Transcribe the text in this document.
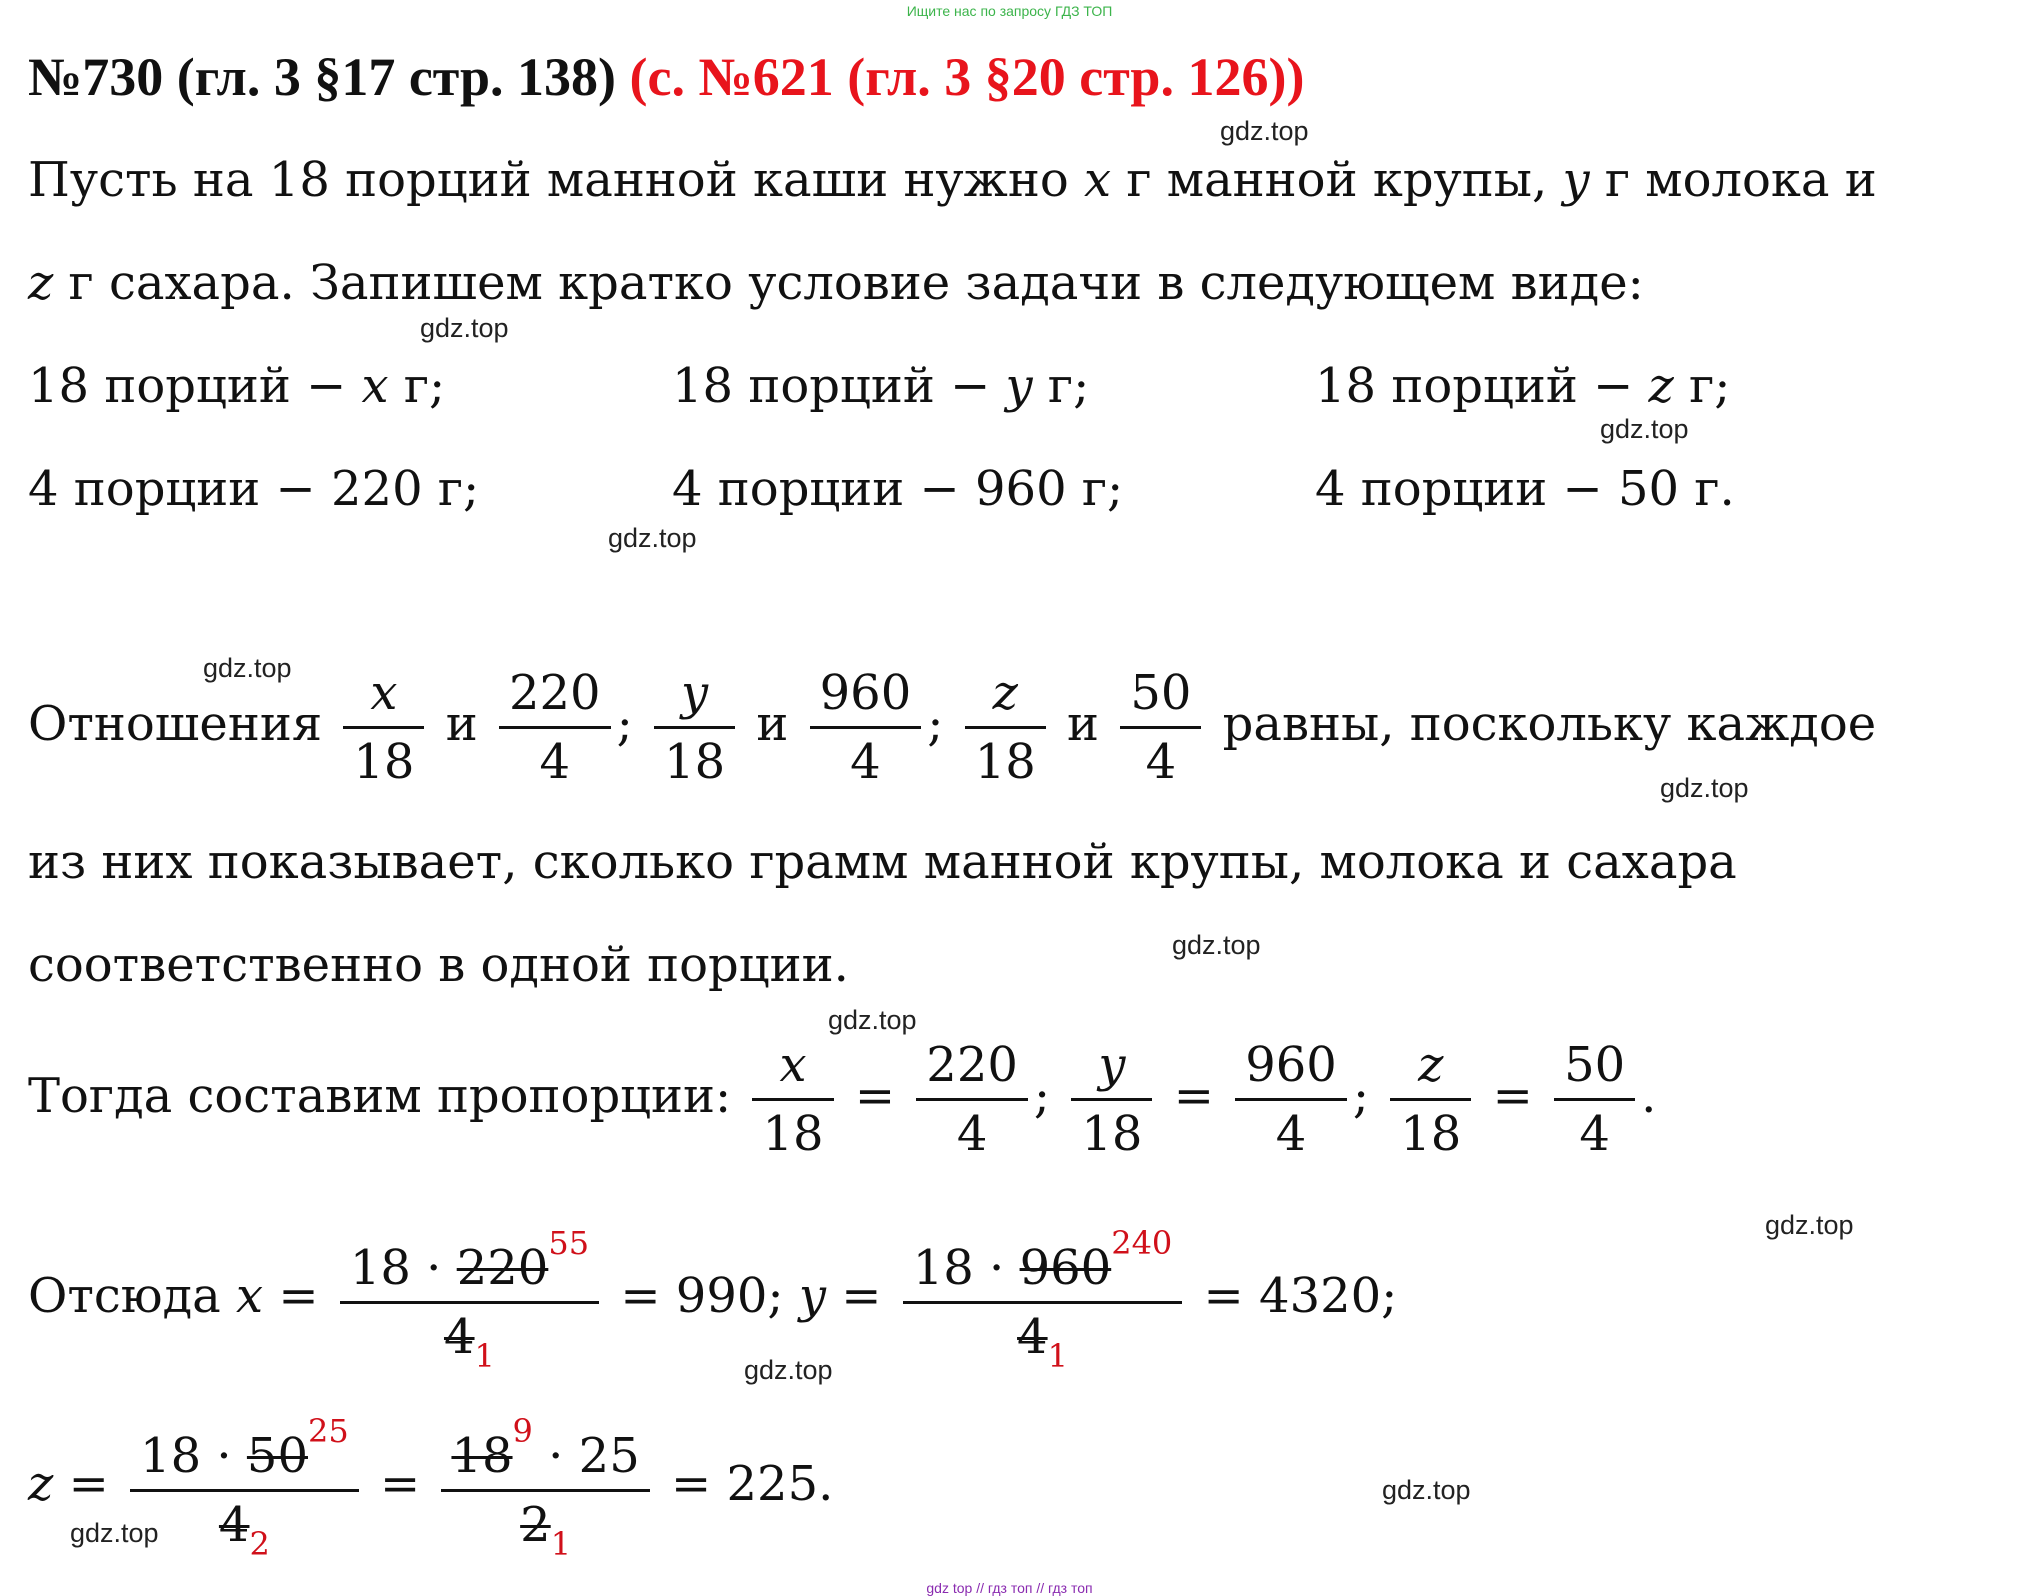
Ищите нас по запросу ГДЗ ТОП
№730 (гл. 3 §17 стр. 138) (с. №621 (гл. 3 §20 стр. 126))
gdz.top
gdz.top
gdz.top
gdz.top
gdz.top
gdz.top
gdz.top
gdz.top
gdz.top
gdz.top
gdz.top
gdz.top
Пусть на 18 порций манной каши нужно x г манной крупы, y г молока и
z г сахара. Запишем кратко условие задачи в следующем виде:
18 порций − x г;	18 порций − y г;	18 порций − z г;
4 порции − 220 г;	4 порции − 960 г;	4 порции − 50 г.
Отношения $\frac{x}{18}$ и $\frac{220}{4}$ ; $\frac{y}{18}$ и $\frac{960}{4}$ ; $\frac{z}{18}$ и $\frac{50}{4}$ равны, поскольку каждое
из них показывает, сколько грамм манной крупы, молока и сахара
соответственно в одной порции.
Тогда составим пропорции: $\frac{x}{18} = \frac{220}{4}$ ; $\frac{y}{18} = \frac{960}{4}$ ; $\frac{z}{18} = \frac{50}{4}$ .
Отсюда $x = \frac{18 \cdot 220^{55}}{4_1} = 990$; $y = \frac{18 \cdot 960^{240}}{4_1} = 4320$;
$z = \frac{18 \cdot 50^{25}}{4_2} = \frac{18^9 \cdot 25}{2_1} = 225$.
gdz top // гдз топ // гдз топ
